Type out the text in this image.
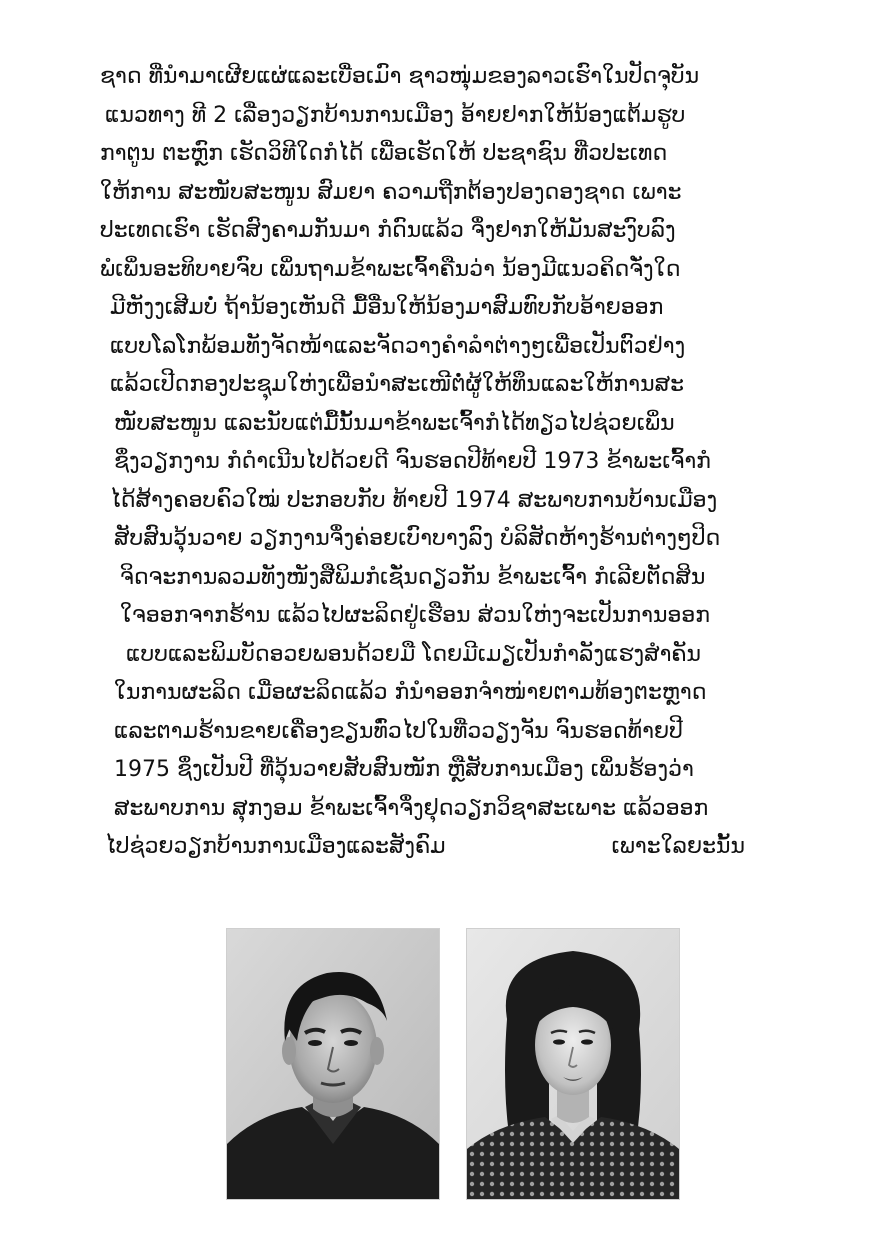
ຊາດ ທີ່ນຳມາເຜີຍແຜ່ແລະເບື່ອເມົາ ຊາວໜຸ່ມຂອງລາວເຮົາໃນປັດຈຸບັນ
ແນວທາງ ທີ 2 ເລື່ອງວຽກບ້ານການເມືອງ ອ້າຍຢາກໃຫ້ນ້ອງແຕ້ມຮູບ
ກາຕູນ ຕະຫຼົກ ເຮັດວິທີໃດກໍໄດ້ ເພື່ອເຮັດໃຫ້ ປະຊາຊົນ ທີ່ວປະເທດ
ໃຫ້ການ ສະໜັບສະໜູນ ສົມຍາ ຄວາມຖືກຕ້ອງປອງດອງຊາດ ເພາະ
ປະເທດເຮົາ ເຮັດສົງຄາມກັນມາ ກໍດົນແລ້ວ ຈຶ່ງຢາກໃຫ້ມັນສະງົບລົງ
ພໍເພິ່ນອະທິບາຍຈົບ ເພິ່ນຖາມຂ້າພະເຈົ້າຄືນວ່າ ນ້ອງມີແນວຄິດຈັ່ງໃດ
ມີຫັງງເສີມບໍ່ ຖ້ານ້ອງເຫັນດີ ມື້ອື່ນໃຫ້ນ້ອງມາສົມທົບກັບອ້າຍອອກ
ແບບໂລໂກພ້ອມທັງຈັດໜ້າແລະຈັດວາງຄຳລຳຕ່າງໆເພື່ອເປັນຕົວຢ່າງ
ແລ້ວເປີດກອງປະຊຸມໃຫ່ງເພື່ອນຳສະເໜີຕໍ່ຜູ້ໃຫ້ທຶນແລະໃຫ້ການສະ
ໜັບສະໜູນ ແລະນັບແຕ່ມື້ນັ້ນມາຂ້າພະເຈົ້າກໍໄດ້ທຽວໄປຊ່ວຍເພິ່ນ
ຊຶ່ງວຽກງານ ກໍດຳເນີນໄປດ້ວຍດີ ຈົນຮອດປີທ້າຍປີ 1973 ຂ້າພະເຈົ້າກໍ
ໄດ້ສ້າງຄອບຄົວໃໝ່ ປະກອບກັບ ທ້າຍປີ 1974 ສະພາບການບ້ານເມືອງ
ສັບສົນວຸ້ນວາຍ ວຽກງານຈຶ່ງຄ່ອຍເບົາບາງລົງ ບໍລິສັດຫ້າງຮ້ານຕ່າງໆປິດ
ຈິດຈະການລວມທັງໜັງສືພິມກໍເຊັ່ນດຽວກັນ ຂ້າພະເຈົ້າ ກໍເລີຍຕັດສິນ
ໃຈອອກຈາກຮ້ານ ແລ້ວໄປຜະລິດຢູ່ເຮືອນ ສ່ວນໃຫ່ງຈະເປັນການອອກ
ແບບແລະພິມບັດອວຍພອນດ້ວຍມື ໂດຍມີເມຽເປັນກຳລັງແຮງສຳຄັນ
ໃນການຜະລິດ ເມື່ອຜະລິດແລ້ວ ກໍນຳອອກຈຳໜ່າຍຕາມທ້ອງຕະຫຼາດ
ແລະຕາມຮ້ານຂາຍເຄື່ອງຂຽນທົ່ວໄປໃນທີ່ວວຽງຈັນ ຈົນຮອດທ້າຍປີ
1975 ຊຶ່ງເປັນປີ ທີ່ວຸ້ນວາຍສັບສົນໜັກ ຫຼືສັບການເມືອງ ເພິ່ນຮ້ອງວ່າ
ສະພາບການ ສຸກງອມ ຂ້າພະເຈົ້າຈຶ່ງຢຸດວຽກວິຊາສະເພາະ ແລ້ວອອກ
ໄປຊ່ວຍວຽກບ້ານການເມືອງແລະສັງຄົມ	ເພາະໃລຍະນັ້ນ
